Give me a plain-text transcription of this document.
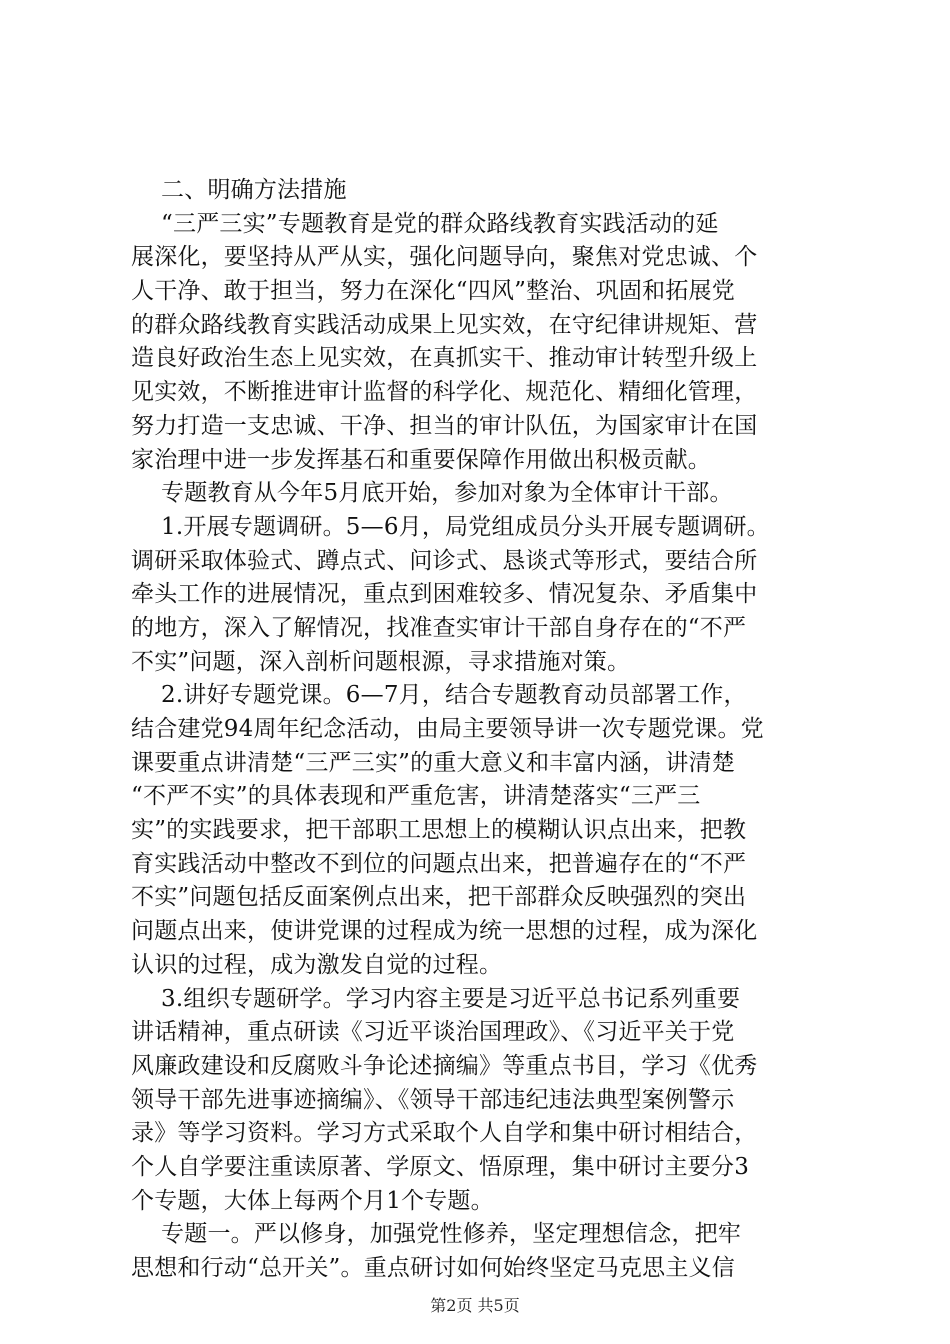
二、明确方法措施
“三严三实”专题教育是党的群众路线教育实践活动的延
展深化，要坚持从严从实，强化问题导向，聚焦对党忠诚、个
人干净、敢于担当，努力在深化“四风”整治、巩固和拓展党
的群众路线教育实践活动成果上见实效，在守纪律讲规矩、营
造良好政治生态上见实效，在真抓实干、推动审计转型升级上
见实效，不断推进审计监督的科学化、规范化、精细化管理，
努力打造一支忠诚、干净、担当的审计队伍，为国家审计在国
家治理中进一步发挥基石和重要保障作用做出积极贡献。
专题教育从今年5月底开始，参加对象为全体审计干部。
1.开展专题调研。5—6月，局党组成员分头开展专题调研。
调研采取体验式、蹲点式、问诊式、恳谈式等形式，要结合所
牵头工作的进展情况，重点到困难较多、情况复杂、矛盾集中
的地方，深入了解情况，找准查实审计干部自身存在的“不严
不实”问题，深入剖析问题根源，寻求措施对策。
2.讲好专题党课。6—7月，结合专题教育动员部署工作，
结合建党94周年纪念活动，由局主要领导讲一次专题党课。党
课要重点讲清楚“三严三实”的重大意义和丰富内涵，讲清楚
“不严不实”的具体表现和严重危害，讲清楚落实“三严三
实”的实践要求，把干部职工思想上的模糊认识点出来，把教
育实践活动中整改不到位的问题点出来，把普遍存在的“不严
不实”问题包括反面案例点出来，把干部群众反映强烈的突出
问题点出来，使讲党课的过程成为统一思想的过程，成为深化
认识的过程，成为激发自觉的过程。
3.组织专题研学。学习内容主要是习近平总书记系列重要
讲话精神，重点研读《习近平谈治国理政》、《习近平关于党
风廉政建设和反腐败斗争论述摘编》等重点书目，学习《优秀
领导干部先进事迹摘编》、《领导干部违纪违法典型案例警示
录》等学习资料。学习方式采取个人自学和集中研讨相结合，
个人自学要注重读原著、学原文、悟原理，集中研讨主要分3
个专题，大体上每两个月1个专题。
专题一。严以修身，加强党性修养，坚定理想信念，把牢
思想和行动“总开关”。重点研讨如何始终坚定马克思主义信
第2页 共5页
